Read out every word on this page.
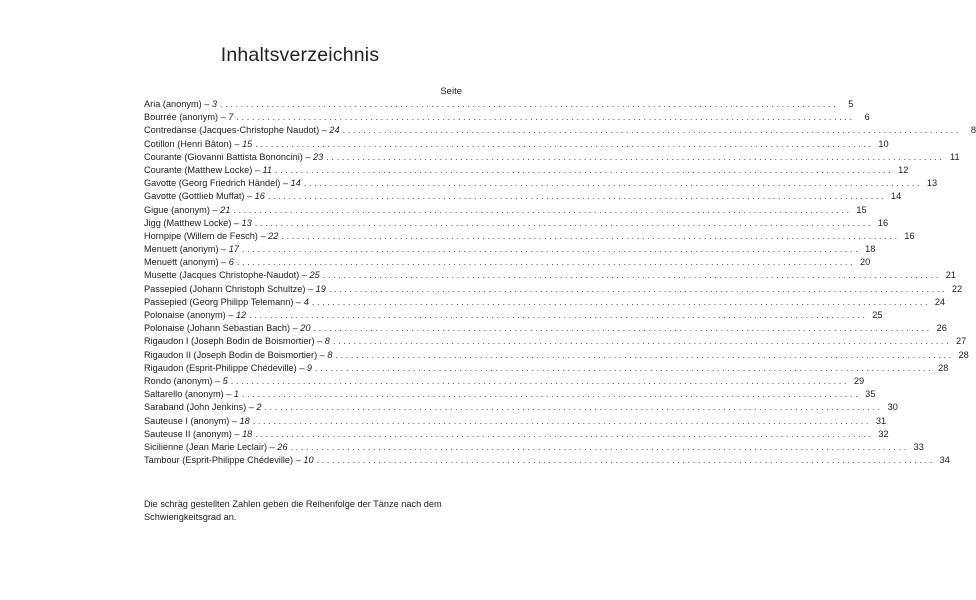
Inhaltsverzeichnis
Seite
Aria (anonym) – 3 ........................................................................................................................	5
Bourrée (anonym) – 7 ........................................................................................................................	6
Contredanse (Jacques-Christophe Naudot) – 24 ........................................................................................................................	8
Cotillon (Henri Bâton) – 15 ........................................................................................................................ 10
Courante (Giovanni Battista Bononcini) – 23 ........................................................................................................................ 11
Courante (Matthew Locke) – 11 ........................................................................................................................ 12
Gavotte (Georg Friedrich Händel) – 14 ........................................................................................................................ 13
Gavotte (Gottlieb Muffat) – 16 ........................................................................................................................ 14
Gigue (anonym) – 21 ........................................................................................................................ 15
Jigg (Matthew Locke) – 13 ........................................................................................................................ 16
Hornpipe (Willem de Fesch) – 22 ........................................................................................................................ 16
Menuett (anonym) – 17 ........................................................................................................................ 18
Menuett (anonym) – 6 ........................................................................................................................ 20
Musette (Jacques Christophe-Naudot) – 25 ........................................................................................................................ 21
Passepied (Johann Christoph Schultze) – 19 ........................................................................................................................ 22
Passepied (Georg Philipp Telemann) – 4 ........................................................................................................................ 24
Polonaise (anonym) – 12 ........................................................................................................................ 25
Polonaise (Johann Sebastian Bach) – 20 ........................................................................................................................ 26
Rigaudon I (Joseph Bodin de Boismortier) – 8 ........................................................................................................................ 27
Rigaudon II (Joseph Bodin de Boismortier) – 8 ........................................................................................................................ 28
Rigaudon (Esprit-Philippe Chédeville) – 9 ........................................................................................................................ 28
Rondo (anonym) – 5 ........................................................................................................................ 29
Saltarello (anonym) – 1 ........................................................................................................................ 35
Saraband (John Jenkins) – 2 ........................................................................................................................ 30
Sauteuse I (anonym) – 18 ........................................................................................................................ 31
Sauteuse II (anonym) – 18 ........................................................................................................................ 32
Sicilienne (Jean Marie Leclair) – 26 ........................................................................................................................ 33
Tambour (Esprit-Philippe Chédeville) – 10 ........................................................................................................................ 34
Die schräg gestellten Zahlen geben die Reihenfolge der Tänze nach dem Schwierigkeitsgrad an.
